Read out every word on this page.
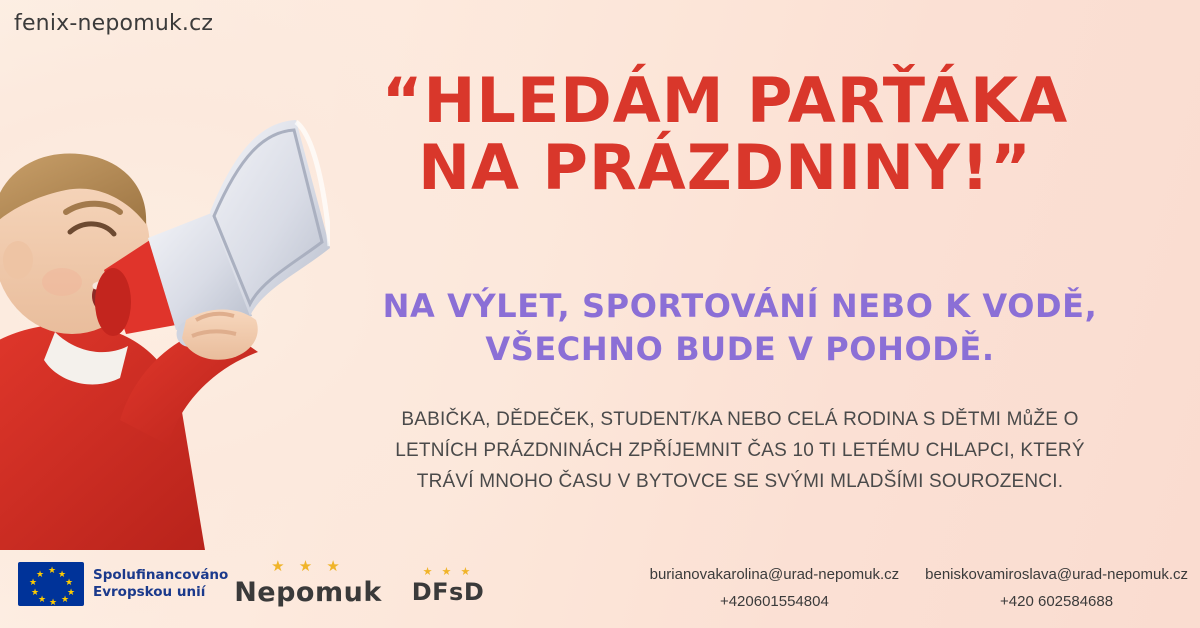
fenix-nepomuk.cz
“HLEDÁM PARŤÁKA
NA PRÁZDNINY!”
NA VÝLET, SPORTOVÁNÍ NEBO K VODĚ,
VŠECHNO BUDE V POHODĚ.
BABIČKA, DĚDEČEK, STUDENT/KA NEBO CELÁ RODINA S DĚTMI MůŽE O
LETNÍCH PRÁZDNINÁCH ZPŘÍJEMNIT ČAS 10 TI LETÉMU CHLAPCI, KTERÝ
TRÁVÍ MNOHO ČASU V BYTOVCE SE SVÝMI MLADŠÍMI SOUROZENCI.
★ ★
★
★
★
★
★
★
★
★	Spolufinancováno
Evropskou unií
★ ★ ★
Nepomuk
★ ★ ★
DFsD
burianovakarolina@urad-nepomuk.cz
+420601554804
beniskovamiroslava@urad-nepomuk.cz
+420 602584688
